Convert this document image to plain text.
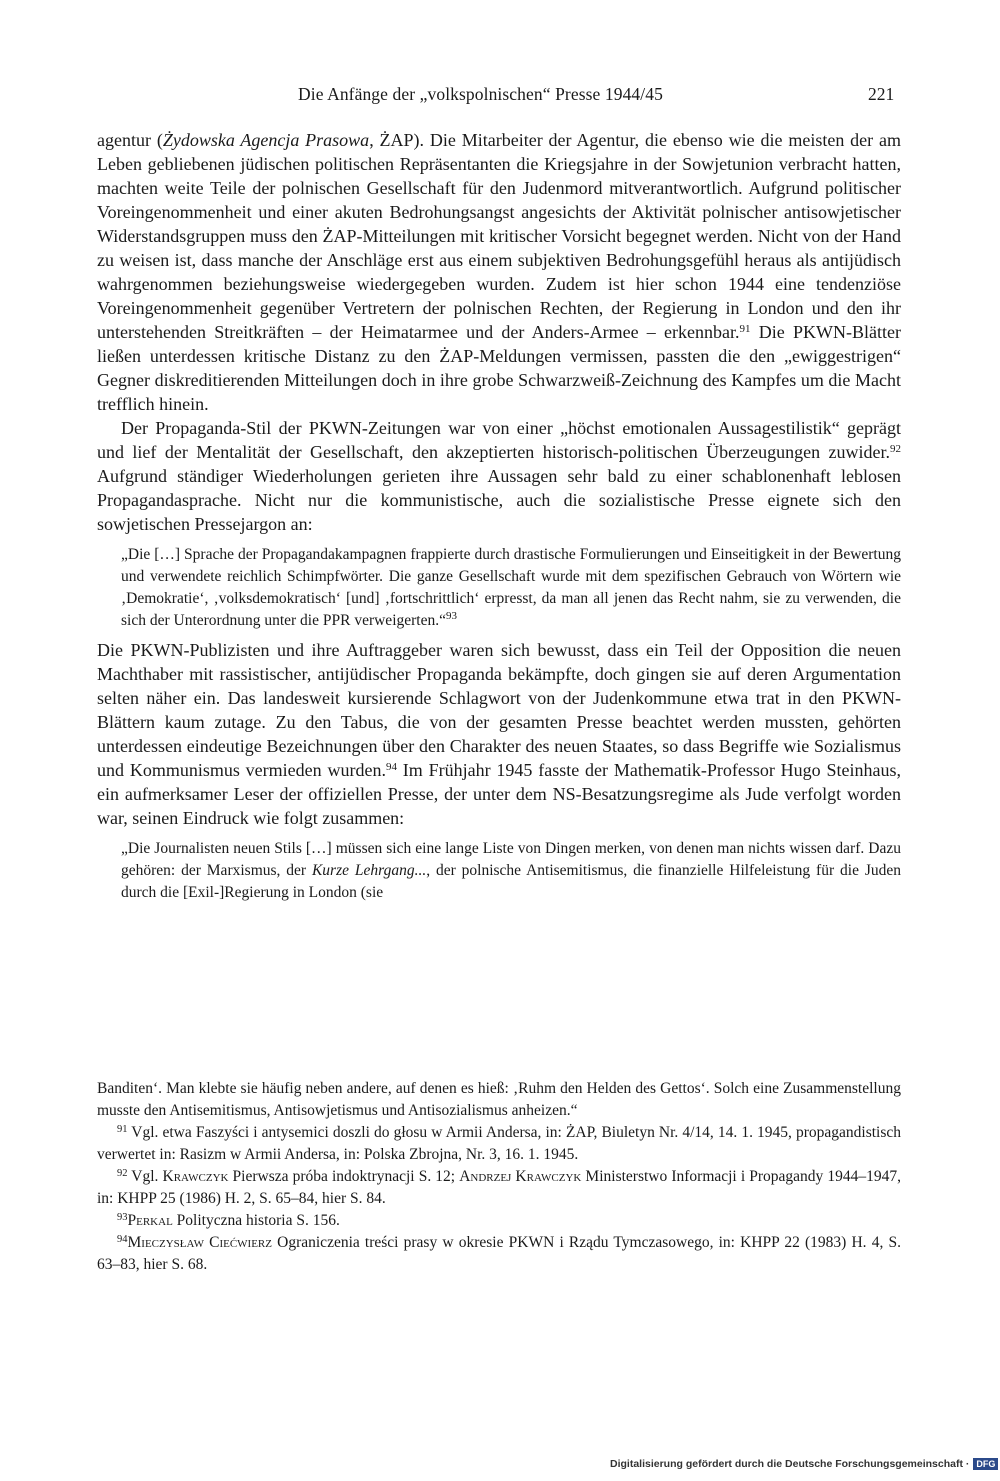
Die Anfänge der „volkspolnischen“ Presse 1944/45	221

agentur (Żydowska Agencja Prasowa, ŻAP). Die Mitarbeiter der Agentur, die ebenso wie die meisten der am Leben gebliebenen jüdischen politischen Repräsentanten die Kriegsjahre in der Sowjetunion verbracht hatten, machten weite Teile der polnischen Gesellschaft für den Judenmord mitverantwortlich. Aufgrund politischer Voreingenommenheit und einer akuten Bedrohungsangst angesichts der Aktivität polnischer antisowjetischer Widerstandsgruppen muss den ŻAP-Mitteilungen mit kritischer Vorsicht begegnet werden. Nicht von der Hand zu weisen ist, dass manche der Anschläge erst aus einem subjektiven Bedrohungsgefühl heraus als antijüdisch wahrgenommen beziehungsweise wiedergegeben wurden. Zudem ist hier schon 1944 eine tendenziöse Voreingenommenheit gegenüber Vertretern der polnischen Rechten, der Regierung in London und den ihr unterstehenden Streitkräften – der Heimatarmee und der Anders-Armee – erkennbar.$^{91}$ Die PKWN-Blätter ließen unterdessen kritische Distanz zu den ŻAP-Meldungen vermissen, passten die den „ewiggestrigen“ Gegner diskreditierenden Mitteilungen doch in ihre grobe Schwarzweiß-Zeichnung des Kampfes um die Macht trefflich hinein.

Der Propaganda-Stil der PKWN-Zeitungen war von einer „höchst emotionalen Aussagestilistik“ geprägt und lief der Mentalität der Gesellschaft, den akzeptierten historisch-politischen Überzeugungen zuwider.$^{92}$ Aufgrund ständiger Wiederholungen gerieten ihre Aussagen sehr bald zu einer schablonenhaft leblosen Propagandasprache. Nicht nur die kommunistische, auch die sozialistische Presse eignete sich den sowjetischen Pressejargon an:

„Die […] Sprache der Propagandakampagnen frappierte durch drastische Formulierungen und Einseitigkeit in der Bewertung und verwendete reichlich Schimpfwörter. Die ganze Gesellschaft wurde mit dem spezifischen Gebrauch von Wörtern wie ‚Demokratie‘, ‚volksdemokratisch‘ [und] ‚fortschrittlich‘ erpresst, da man all jenen das Recht nahm, sie zu verwenden, die sich der Unterordnung unter die PPR verweigerten.“$^{93}$

Die PKWN-Publizisten und ihre Auftraggeber waren sich bewusst, dass ein Teil der Opposition die neuen Machthaber mit rassistischer, antijüdischer Propaganda bekämpfte, doch gingen sie auf deren Argumentation selten näher ein. Das landesweit kursierende Schlagwort von der Judenkommune etwa trat in den PKWN-Blättern kaum zutage. Zu den Tabus, die von der gesamten Presse beachtet werden mussten, gehörten unterdessen eindeutige Bezeichnungen über den Charakter des neuen Staates, so dass Begriffe wie Sozialismus und Kommunismus vermieden wurden.$^{94}$ Im Frühjahr 1945 fasste der Mathematik-Professor Hugo Steinhaus, ein aufmerksamer Leser der offiziellen Presse, der unter dem NS-Besatzungsregime als Jude verfolgt worden war, seinen Eindruck wie folgt zusammen:

„Die Journalisten neuen Stils […] müssen sich eine lange Liste von Dingen merken, von denen man nichts wissen darf. Dazu gehören: der Marxismus, der Kurze Lehrgang..., der polnische Antisemitismus, die finanzielle Hilfeleistung für die Juden durch die [Exil-]Regierung in London (sie

Banditen‘. Man klebte sie häufig neben andere, auf denen es hieß: ‚Ruhm den Helden des Gettos‘. Solch eine Zusammenstellung musste den Antisemitismus, Antisowjetismus und Antisozialismus anheizen.“

$^{91}$ Vgl. etwa Faszyści i antysemici doszli do głosu w Armii Andersa, in: ŻAP, Biuletyn Nr. 4/14, 14. 1. 1945, propagandistisch verwertet in: Rasizm w Armii Andersa, in: Polska Zbrojna, Nr. 3, 16. 1. 1945.

$^{92}$ Vgl. Krawczyk Pierwsza próba indoktrynacji S. 12; Andrzej Krawczyk Ministerstwo Informacji i Propagandy 1944–1947, in: KHPP 25 (1986) H. 2, S. 65–84, hier S. 84.

$^{93}$Perkal Polityczna historia S. 156.

$^{94}$Mieczysław Ciećwierz Ograniczenia treści prasy w okresie PKWN i Rządu Tymczasowego, in: KHPP 22 (1983) H. 4, S. 63–83, hier S. 68.

Digitalisierung gefördert durch die Deutsche Forschungsgemeinschaft · DFG
